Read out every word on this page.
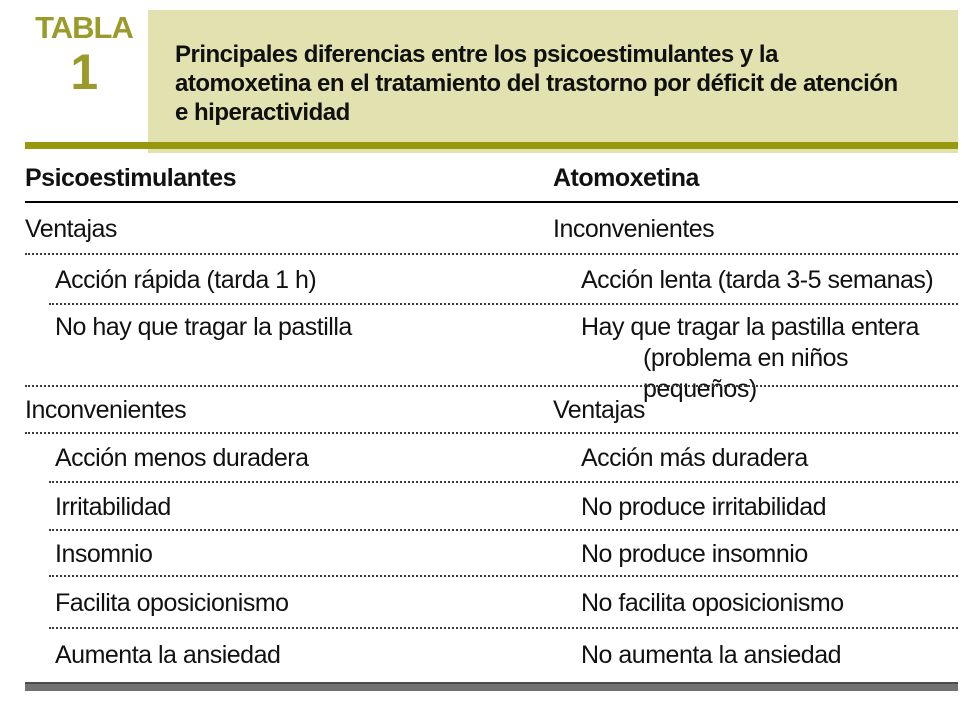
TABLA
1	Principales diferencias entre los psicoestimulantes y la
atomoxetina en el tratamiento del trastorno por déficit de atención
e hiperactividad
Psicoestimulantes	Atomoxetina
Ventajas	Inconvenientes
Acción rápida (tarda 1 h)	Acción lenta (tarda 3-5 semanas)
No hay que tragar la pastilla	Hay que tragar la pastilla entera
(problema en niños pequeños)
Inconvenientes	Ventajas
Acción menos duradera	Acción más duradera
Irritabilidad	No produce irritabilidad
Insomnio	No produce insomnio
Facilita oposicionismo	No facilita oposicionismo
Aumenta la ansiedad	No aumenta la ansiedad
